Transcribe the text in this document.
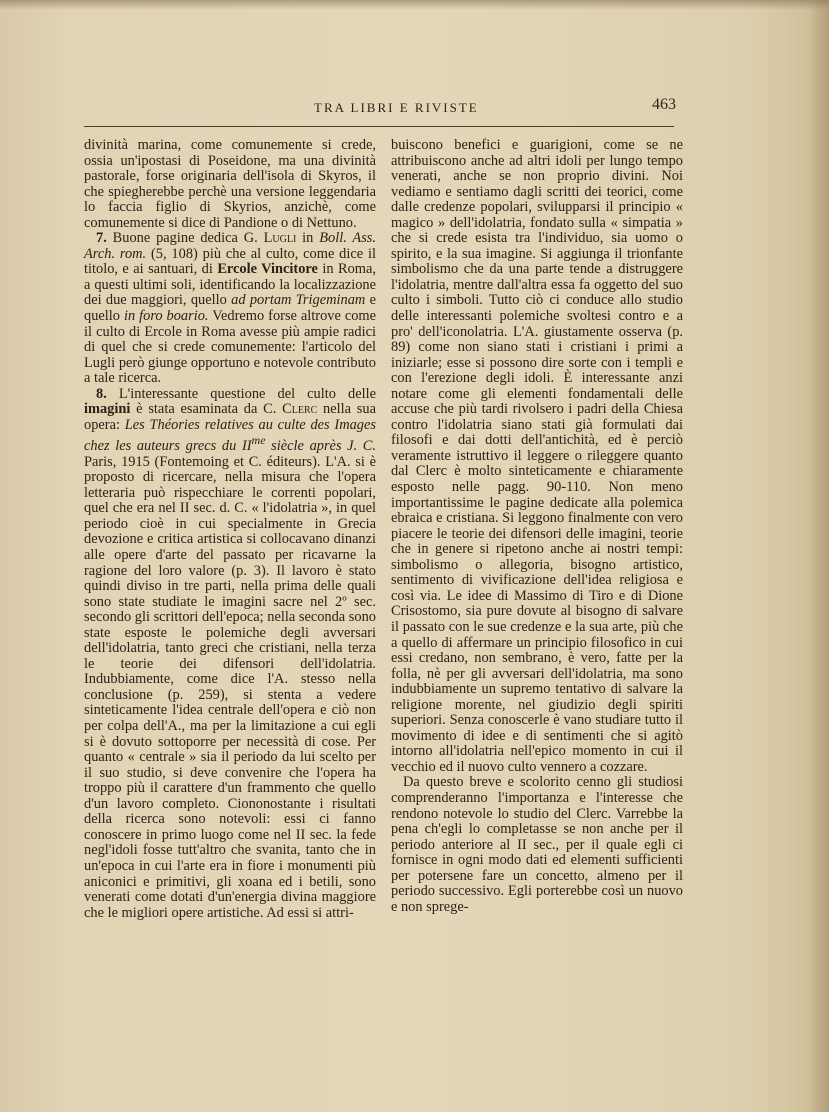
TRA LIBRI E RIVISTE	463

divinità marina, come comunemente si crede, ossia un'ipostasi di Poseidone, ma una divinità pastorale, forse originaria dell'isola di Skyros, il che spiegherebbe perchè una versione leggendaria lo faccia figlio di Skyrios, anzichè, come comunemente si dice di Pandione o di Nettuno.

7. Buone pagine dedica G. Lugli in Boll. Ass. Arch. rom. (5, 108) più che al culto, come dice il titolo, e ai santuari, di Ercole Vincitore in Roma, a questi ultimi soli, identificando la localizzazione dei due maggiori, quello ad portam Trigeminam e quello in foro boario. Vedremo forse altrove come il culto di Ercole in Roma avesse più ampie radici di quel che si crede comunemente: l'articolo del Lugli però giunge opportuno e notevole contributo a tale ricerca.

8. L'interessante questione del culto delle imagini è stata esaminata da C. Clerc nella sua opera: Les Théories relatives au culte des Images chez les auteurs grecs du $II^{me}$ siècle après J. C. Paris, 1915 (Fontemoing et C. éditeurs). L'A. si è proposto di ricercare, nella misura che l'opera letteraria può rispecchiare le correnti popolari, quel che era nel II sec. d. C. « l'idolatria », in quel periodo cioè in cui specialmente in Grecia devozione e critica artistica si collocavano dinanzi alle opere d'arte del passato per ricavarne la ragione del loro valore (p. 3). Il lavoro è stato quindi diviso in tre parti, nella prima delle quali sono state studiate le imagini sacre nel 2º sec. secondo gli scrittori dell'epoca; nella seconda sono state esposte le polemiche degli avversari dell'idolatria, tanto greci che cristiani, nella terza le teorie dei difensori dell'idolatria. Indubbiamente, come dice l'A. stesso nella conclusione (p. 259), si stenta a vedere sinteticamente l'idea centrale dell'opera e ciò non per colpa dell'A., ma per la limitazione a cui egli si è dovuto sottoporre per necessità di cose. Per quanto « centrale » sia il periodo da lui scelto per il suo studio, si deve convenire che l'opera ha troppo più il carattere d'un frammento che quello d'un lavoro completo. Ciononostante i risultati della ricerca sono notevoli: essi ci fanno conoscere in primo luogo come nel II sec. la fede negl'idoli fosse tutt'altro che svanita, tanto che in un'epoca in cui l'arte era in fiore i monumenti più aniconici e primitivi, gli xoana ed i betili, sono venerati come dotati d'un'energia divina maggiore che le migliori opere artistiche. Ad essi si attri-

buiscono benefici e guarigioni, come se ne attribuiscono anche ad altri idoli per lungo tempo venerati, anche se non proprio divini. Noi vediamo e sentiamo dagli scritti dei teorici, come dalle credenze popolari, svilupparsi il principio « magico » dell'idolatria, fondato sulla « simpatia » che si crede esista tra l'individuo, sia uomo o spirito, e la sua imagine. Si aggiunga il trionfante simbolismo che da una parte tende a distruggere l'idolatria, mentre dall'altra essa fa oggetto del suo culto i simboli. Tutto ciò ci conduce allo studio delle interessanti polemiche svoltesi contro e a pro' dell'iconolatria. L'A. giustamente osserva (p. 89) come non siano stati i cristiani i primi a iniziarle; esse si possono dire sorte con i templi e con l'erezione degli idoli. È interessante anzi notare come gli elementi fondamentali delle accuse che più tardi rivolsero i padri della Chiesa contro l'idolatria siano stati già formulati dai filosofi e dai dotti dell'antichità, ed è perciò veramente istruttivo il leggere o rileggere quanto dal Clerc è molto sinteticamente e chiaramente esposto nelle pagg. 90-110. Non meno importantissime le pagine dedicate alla polemica ebraica e cristiana. Si leggono finalmente con vero piacere le teorie dei difensori delle imagini, teorie che in genere si ripetono anche ai nostri tempi: simbolismo o allegoria, bisogno artistico, sentimento di vivificazione dell'idea religiosa e così via. Le idee di Massimo di Tiro e di Dione Crisostomo, sia pure dovute al bisogno di salvare il passato con le sue credenze e la sua arte, più che a quello di affermare un principio filosofico in cui essi credano, non sembrano, è vero, fatte per la folla, nè per gli avversari dell'idolatria, ma sono indubbiamente un supremo tentativo di salvare la religione morente, nel giudizio degli spiriti superiori. Senza conoscerle è vano studiare tutto il movimento di idee e di sentimenti che si agitò intorno all'idolatria nell'epico momento in cui il vecchio ed il nuovo culto vennero a cozzare.

Da questo breve e scolorito cenno gli studiosi comprenderanno l'importanza e l'interesse che rendono notevole lo studio del Clerc. Varrebbe la pena ch'egli lo completasse se non anche per il periodo anteriore al II sec., per il quale egli ci fornisce in ogni modo dati ed elementi sufficienti per potersene fare un concetto, almeno per il periodo successivo. Egli porterebbe così un nuovo e non sprege-
